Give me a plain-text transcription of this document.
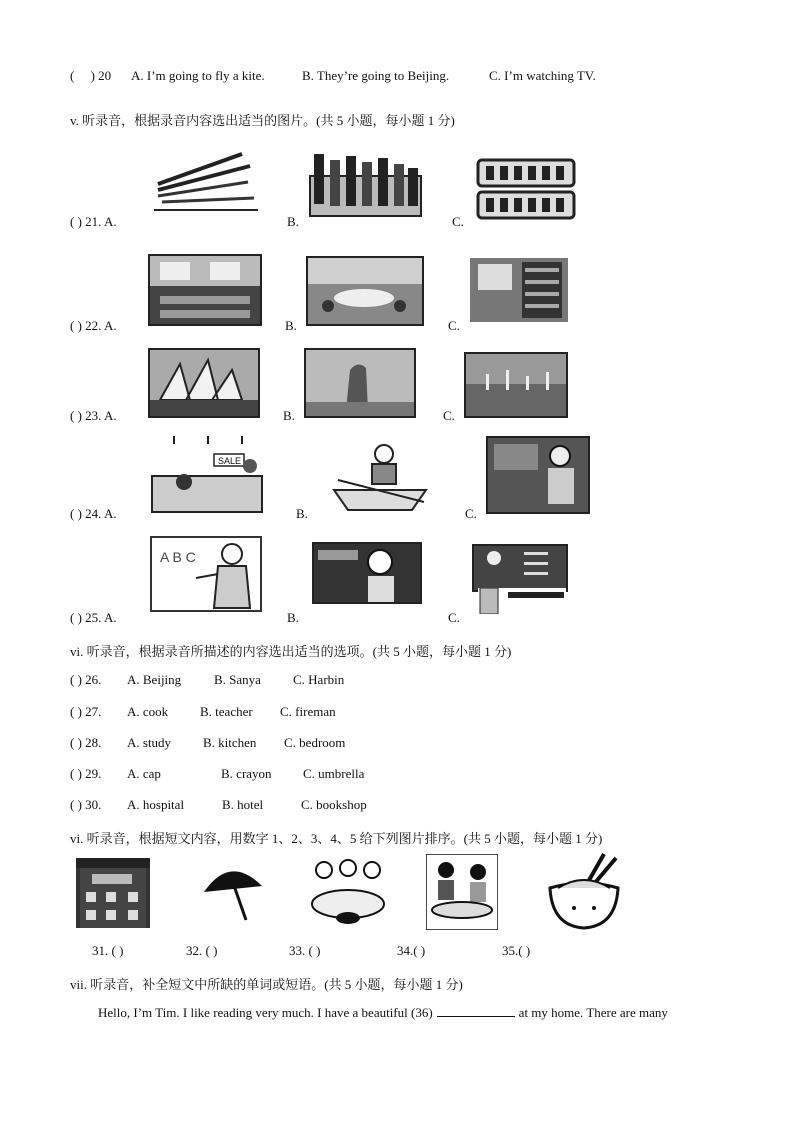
(     ) 20 A. I’m going to fly a kite.	B. They’re going to Beijing.	C. I’m watching TV.
v. 听录音，根据录音内容选出适当的图片。(共 5 小题，每小题 1 分)
( ) 21. A.	B.	C.
( ) 22. A.	B.	C.
( ) 23. A.	B.	C.
( ) 24. A.
SALE
B.	C.
( ) 25. A.
A B C
B.	C.
vi. 听录音，根据录音所描述的内容选出适当的选项。(共 5 小题，每小题 1 分)
( ) 26. A. Beijing	B. Sanya C. Harbin
( ) 27. A. cook B. teacher C. fireman
( ) 28. A. study B. kitchen C. bedroom
( ) 29. A. cap	B. crayon C. umbrella
( ) 30. A. hospital	B. hotel	C. bookshop
vi. 听录音，根据短文内容，用数字 1、2、3、4、5 给下列图片排序。(共 5 小题，每小题 1 分)
31. ( )	32. ( )	33. ( )	34.( )	35.( )
vii. 听录音，补全短文中所缺的单词或短语。(共 5 小题，每小题 1 分)
Hello, I’m Tim. I like reading very much. I have a beautiful (36)	at my home. There are many
